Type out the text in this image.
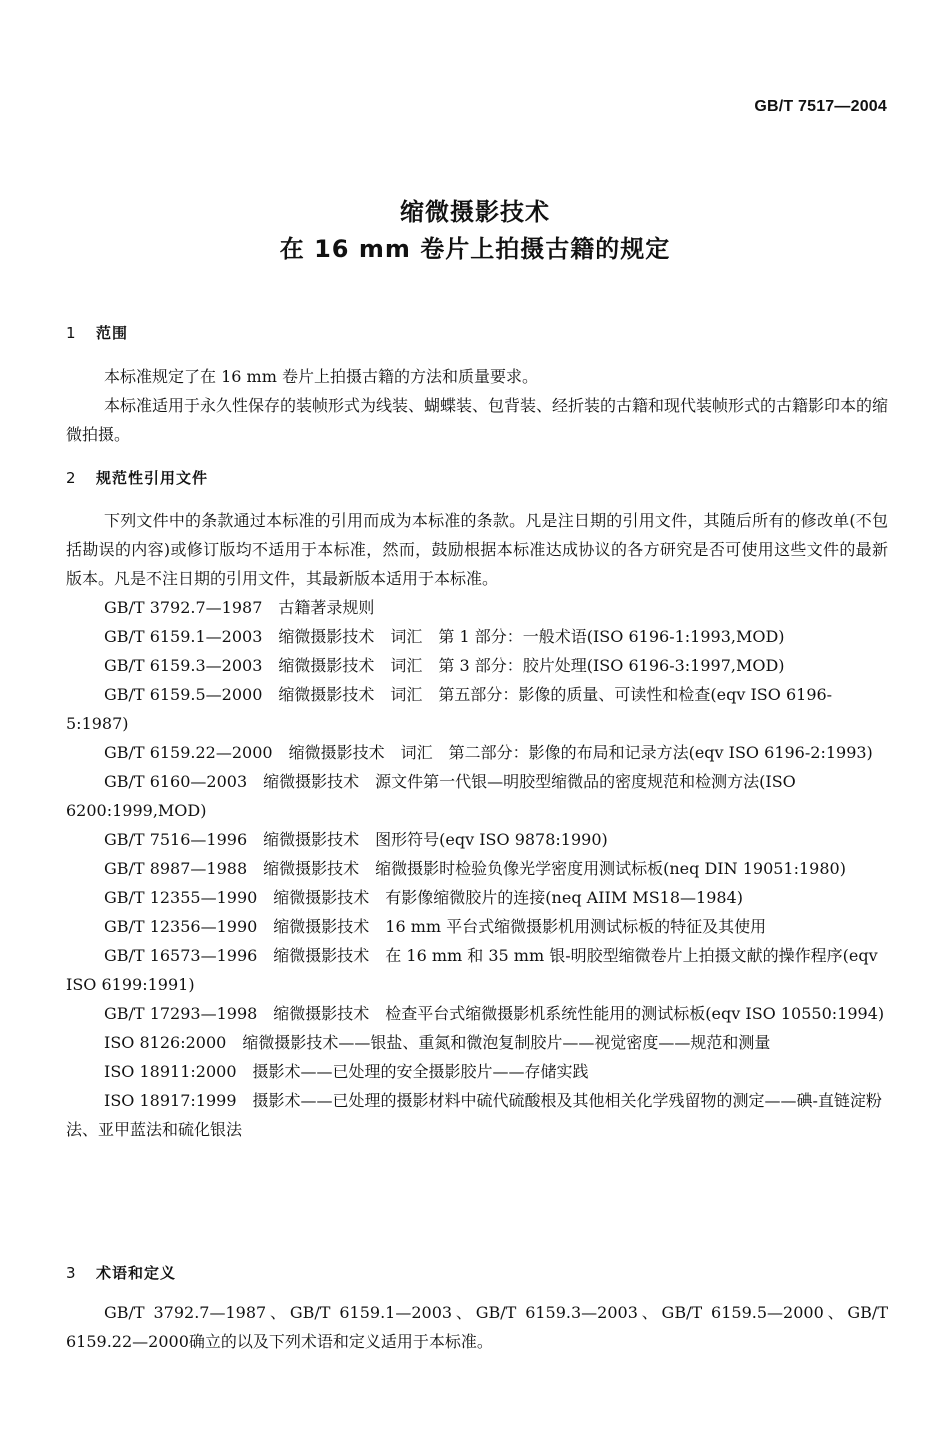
GB/T 7517—2004
缩微摄影技术
在 16 mm 卷片上拍摄古籍的规定
1 范围

本标准规定了在 16 mm 卷片上拍摄古籍的方法和质量要求。

本标准适用于永久性保存的装帧形式为线装、蝴蝶装、包背装、经折装的古籍和现代装帧形式的古籍影印本的缩微拍摄。

2 规范性引用文件

下列文件中的条款通过本标准的引用而成为本标准的条款。凡是注日期的引用文件，其随后所有的修改单(不包括勘误的内容)或修订版均不适用于本标准，然而，鼓励根据本标准达成协议的各方研究是否可使用这些文件的最新版本。凡是不注日期的引用文件，其最新版本适用于本标准。

GB/T 3792.7—1987　古籍著录规则

GB/T 6159.1—2003　缩微摄影技术　词汇　第 1 部分：一般术语(ISO 6196-1:1993,MOD)

GB/T 6159.3—2003　缩微摄影技术　词汇　第 3 部分：胶片处理(ISO 6196-3:1997,MOD)

GB/T 6159.5—2000　缩微摄影技术　词汇　第五部分：影像的质量、可读性和检查(eqv ISO 6196-5:1987)

GB/T 6159.22—2000　缩微摄影技术　词汇　第二部分：影像的布局和记录方法(eqv ISO 6196-2:1993)

GB/T 6160—2003　缩微摄影技术　源文件第一代银—明胶型缩微品的密度规范和检测方法(ISO 6200:1999,MOD)

GB/T 7516—1996　缩微摄影技术　图形符号(eqv ISO 9878:1990)

GB/T 8987—1988　缩微摄影技术　缩微摄影时检验负像光学密度用测试标板(neq DIN 19051:1980)

GB/T 12355—1990　缩微摄影技术　有影像缩微胶片的连接(neq AIIM MS18—1984)

GB/T 12356—1990　缩微摄影技术　16 mm 平台式缩微摄影机用测试标板的特征及其使用

GB/T 16573—1996　缩微摄影技术　在 16 mm 和 35 mm 银-明胶型缩微卷片上拍摄文献的操作程序(eqv ISO 6199:1991)

GB/T 17293—1998　缩微摄影技术　检查平台式缩微摄影机系统性能用的测试标板(eqv ISO 10550:1994)

ISO 8126:2000　缩微摄影技术——银盐、重氮和微泡复制胶片——视觉密度——规范和测量

ISO 18911:2000　摄影术——已处理的安全摄影胶片——存储实践

ISO 18917:1999　摄影术——已处理的摄影材料中硫代硫酸根及其他相关化学残留物的测定——碘-直链淀粉法、亚甲蓝法和硫化银法

3 术语和定义

GB/T 3792.7—1987、GB/T 6159.1—2003、GB/T 6159.3—2003、GB/T 6159.5—2000、GB/T 6159.22—2000确立的以及下列术语和定义适用于本标准。
